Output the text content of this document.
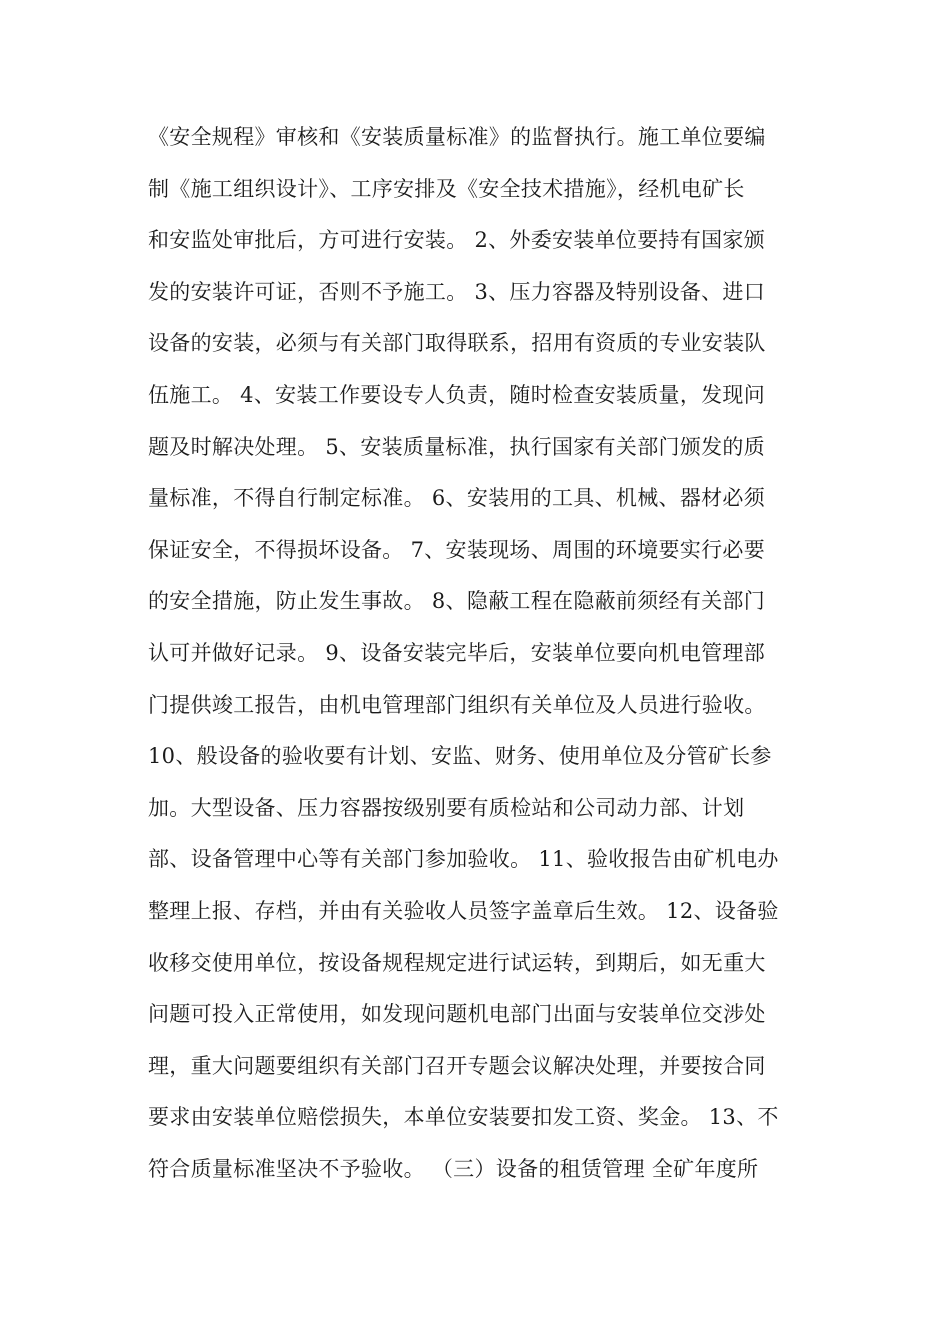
《安全规程》审核和《安装质量标准》的监督执行。施工单位要编
制《施工组织设计》、工序安排及《安全技术措施》，经机电矿长
和安监处审批后，方可进行安装。 2、外委安装单位要持有国家颁
发的安装许可证，否则不予施工。 3、压力容器及特别设备、进口
设备的安装，必须与有关部门取得联系，招用有资质的专业安装队
伍施工。 4、安装工作要设专人负责，随时检查安装质量，发现问
题及时解决处理。 5、安装质量标准，执行国家有关部门颁发的质
量标准，不得自行制定标准。 6、安装用的工具、机械、器材必须
保证安全，不得损坏设备。 7、安装现场、周围的环境要实行必要
的安全措施，防止发生事故。 8、隐蔽工程在隐蔽前须经有关部门
认可并做好记录。 9、设备安装完毕后，安装单位要向机电管理部
门提供竣工报告，由机电管理部门组织有关单位及人员进行验收。
10、般设备的验收要有计划、安监、财务、使用单位及分管矿长参
加。大型设备、压力容器按级别要有质检站和公司动力部、计划
部、设备管理中心等有关部门参加验收。 11、验收报告由矿机电办
整理上报、存档，并由有关验收人员签字盖章后生效。 12、设备验
收移交使用单位，按设备规程规定进行试运转，到期后，如无重大
问题可投入正常使用，如发现问题机电部门出面与安装单位交涉处
理，重大问题要组织有关部门召开专题会议解决处理，并要按合同
要求由安装单位赔偿损失，本单位安装要扣发工资、奖金。 13、不
符合质量标准坚决不予验收。 （三）设备的租赁管理 全矿年度所
